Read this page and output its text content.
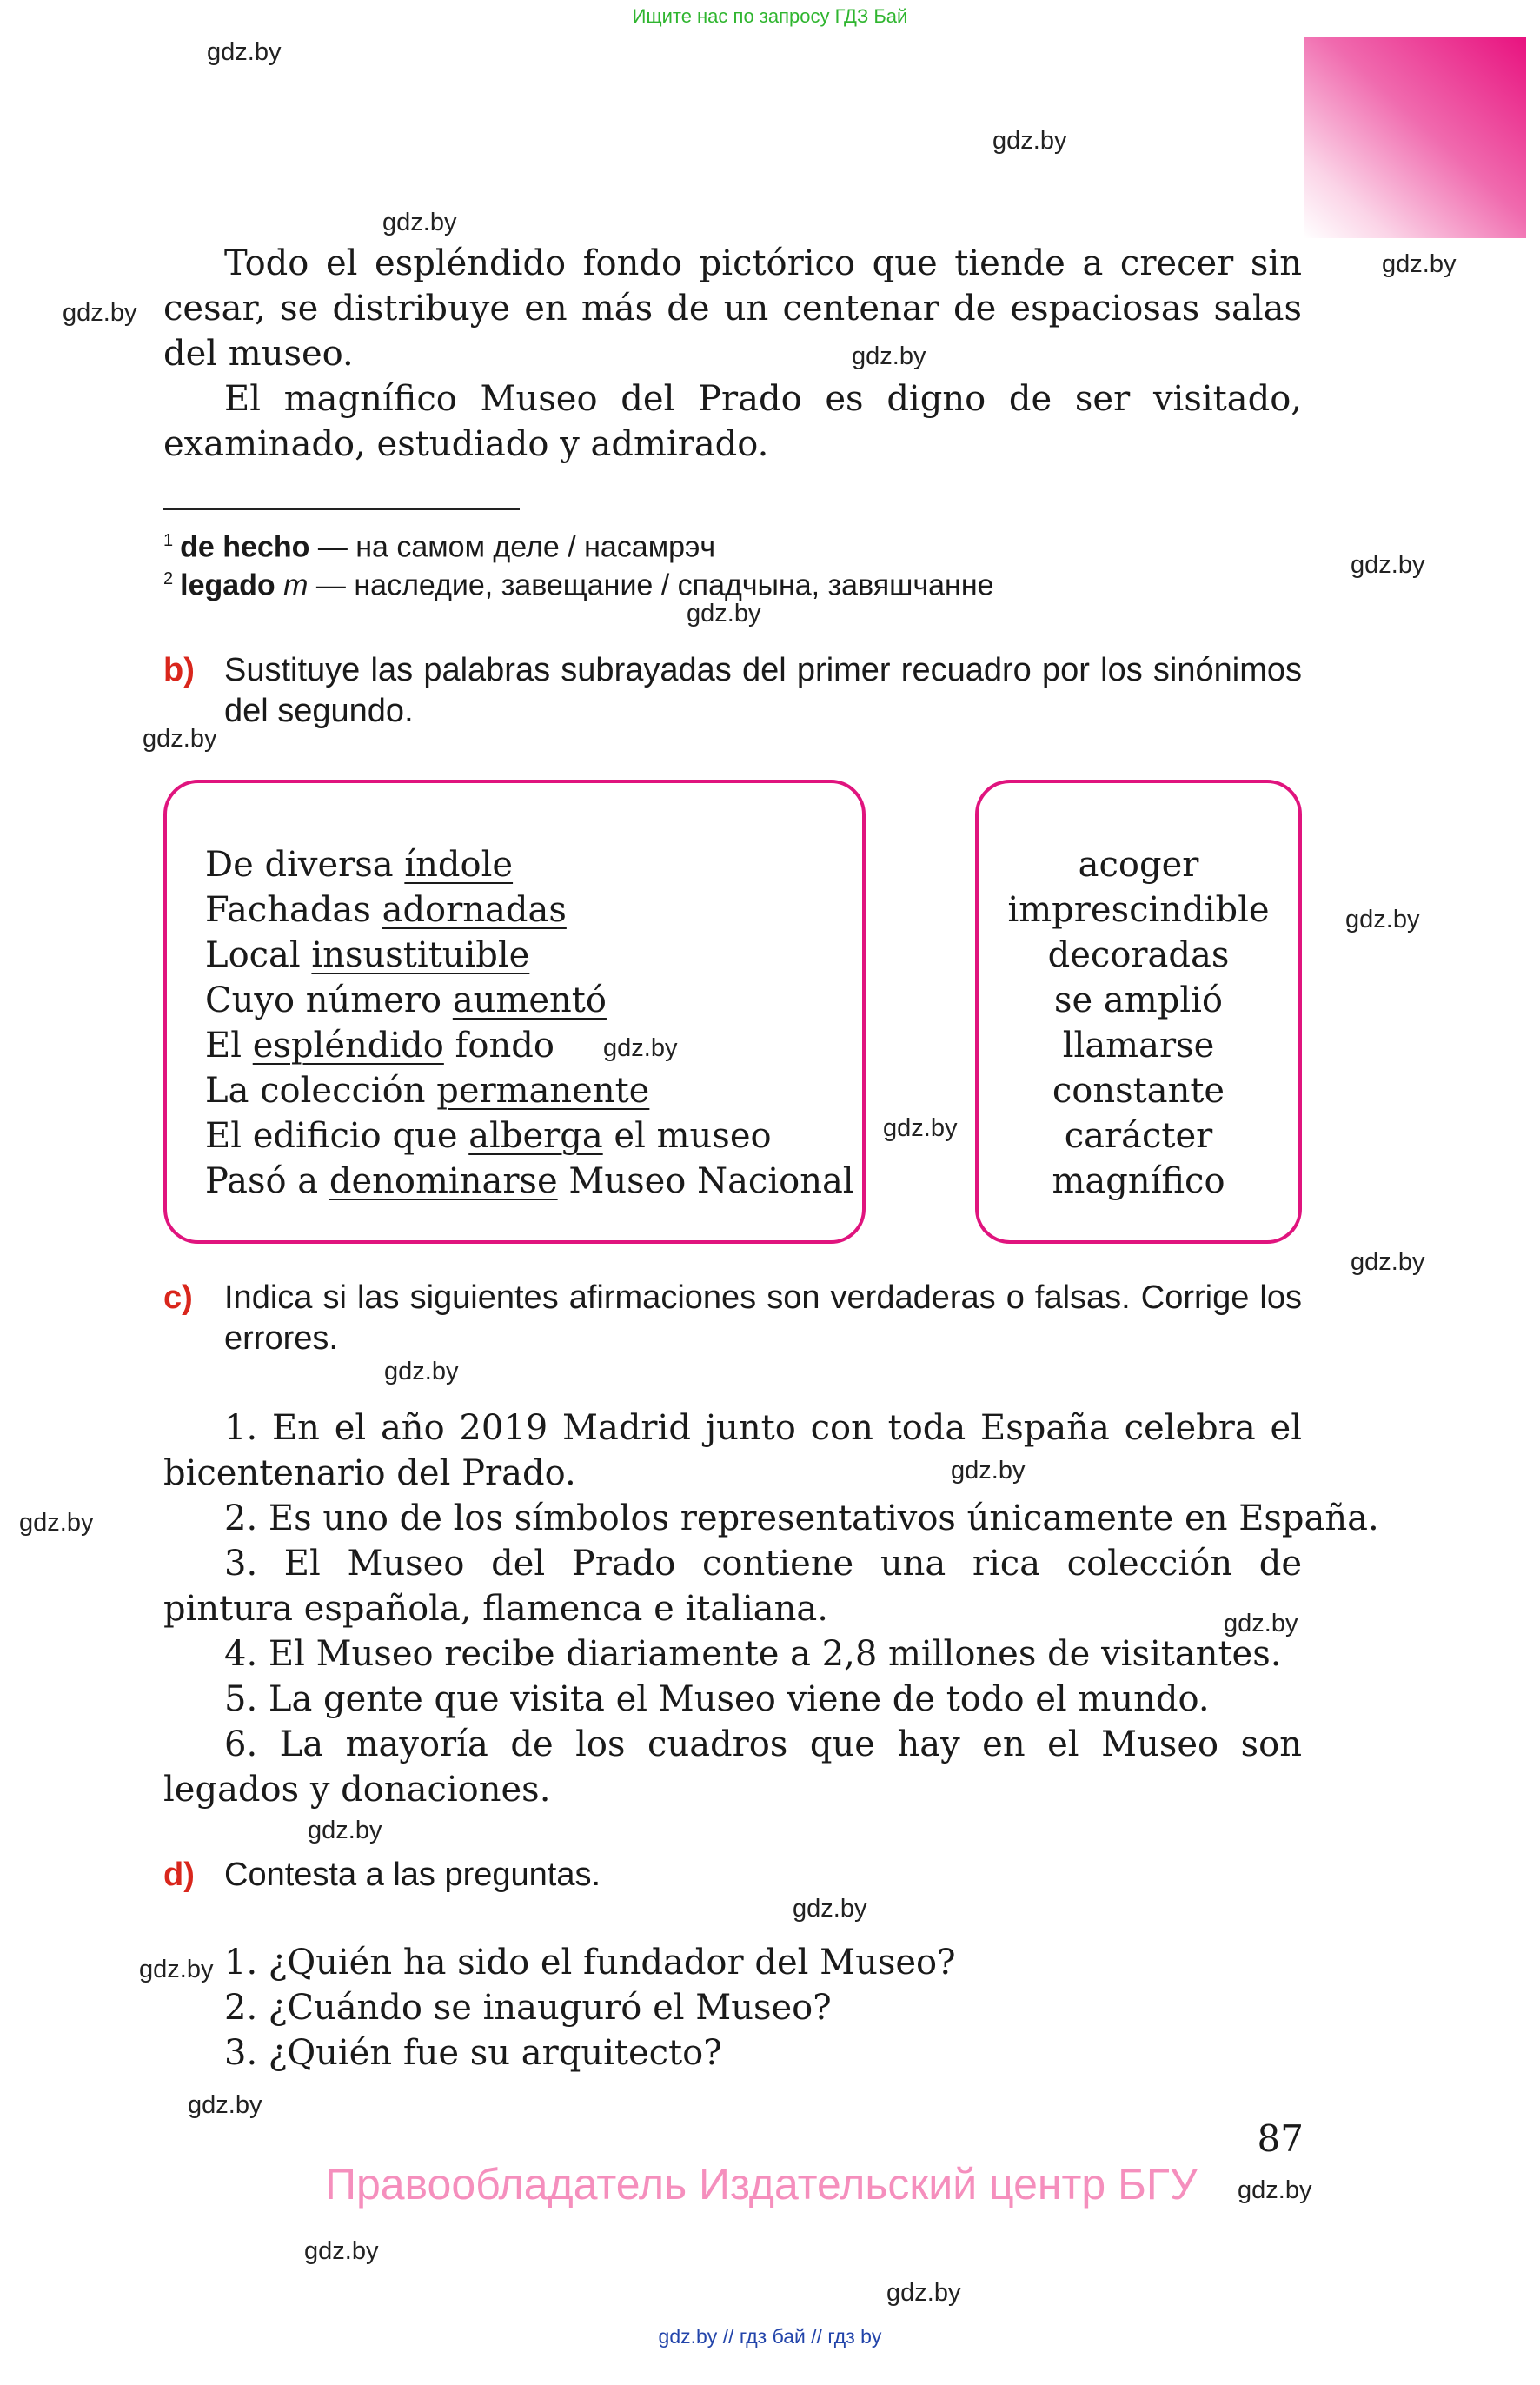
Ищите нас по запросу ГДЗ Бай
gdz.by
gdz.by
gdz.by
gdz.by
gdz.by
gdz.by
gdz.by
gdz.by
gdz.by
gdz.by
gdz.by
gdz.by
gdz.by
gdz.by
gdz.by
gdz.by
gdz.by
gdz.by
gdz.by
gdz.by
gdz.by
gdz.by
gdz.by
gdz.by
Todo el espléndido fondo pictórico que tiende a crecer sin cesar, se distribuye en más de un centenar de espaciosas salas del museo.
El magnífico Museo del Prado es digno de ser visitado, examinado, estudiado y admirado.
$^1$ de hecho — на самом деле / насамрэч
$^2$ legado m — наследие, завещание / спадчына, завяшчанне
b) Sustituye las palabras subrayadas del primer recuadro por los sinónimos del segundo.
De diversa índole
Fachadas adornadas
Local insustituible
Cuyo número aumentó
El espléndido fondo
La colección permanente
El edificio que alberga el museo
Pasó a denominarse Museo Nacional
acoger
imprescindible
decoradas
se amplió
llamarse
constante
carácter
magnífico
c) Indica si las siguientes afirmaciones son verdaderas o falsas. Corrige los errores.
1. En el año 2019 Madrid junto con toda España celebra el bicentenario del Prado.
2. Es uno de los símbolos representativos únicamente en España.
3. El Museo del Prado contiene una rica colección de pintura española, flamenca e italiana.
4. El Museo recibe diariamente a 2,8 millones de visitantes.
5. La gente que visita el Museo viene de todo el mundo.
6. La mayoría de los cuadros que hay en el Museo son legados y donaciones.
d) Contesta a las preguntas.
1. ¿Quién ha sido el fundador del Museo?
2. ¿Cuándo se inauguró el Museo?
3. ¿Quién fue su arquitecto?
87
Правообладатель Издательский центр БГУ
gdz.by // гдз бай // гдз by
